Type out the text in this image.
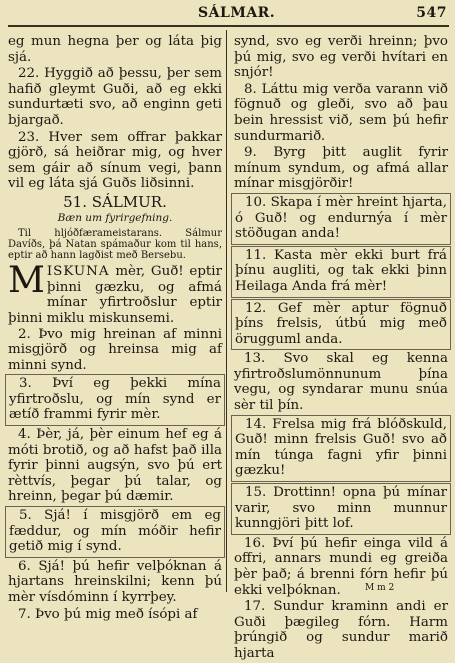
SÁLMAR.	547

eg mun hegna þer og láta þig sjá.

22. Hyggið að þessu, þer sem hafið gleymt Guði, að eg ekki sundurtæti svo, að enginn geti bjargað.

23. Hver sem offrar þakkar gjörð, sá heiðrar mig, og hver sem gáir að sínum vegi, þann vil eg láta sjá Guðs liðsinni.

51. SÁLMUR.
Bæn um fyrirgefning.
Til hljóðfærameistarans. Sálmur Davíðs, þá Natan spámaður kom til hans, eptir að hann lagðist með Bersebu.

MISKUNA mèr, Guð! eptir þinni gæzku, og afmá mínar yfirtroðslur eptir þinni miklu miskunsemi.

2. Þvo mig hreinan af minni misgjörð og hreinsa mig af minni synd.

3. Því eg þekki mína yfirtroðslu, og mín synd er ætíð frammi fyrir mèr.

4. Þèr, já, þèr einum hef eg á móti brotið, og að hafst það illa fyrir þinni augsýn, svo þú ert rèttvís, þegar þú talar, og hreinn, þegar þú dæmir.

5. Sjá! í misgjörð em eg fæddur, og mín móðir hefir getið mig í synd.

6. Sjá! þú hefir velþóknan á hjartans hreinskilni; kenn þú mèr vísdóminn í kyrrþey.

7. Þvo þú mig með ísópi af

synd, svo eg verði hreinn; þvo þú mig, svo eg verði hvítari en snjór!

8. Láttu mig verða varann við fögnuð og gleði, svo að þau bein hressist við, sem þú hefir sundurmarið.

9. Byrg þitt auglit fyrir mínum syndum, og afmá allar mínar misgjörðir!

10. Skapa í mèr hreint hjarta, ó Guð! og endurnýa í mèr stöðugan anda!

11. Kasta mèr ekki burt frá þínu augliti, og tak ekki þinn Heilaga Anda frá mèr!

12. Gef mèr aptur fögnuð þíns frelsis, útbú mig með örugguml anda.

13. Svo skal eg kenna yfirtroðslumönnunum þína vegu, og syndarar munu snúa sèr til þín.

14. Frelsa mig frá blóðskuld, Guð! minn frelsis Guð! svo að mín túnga fagni yfir þinni gæzku!

15. Drottinn! opna þú mínar varir, svo minn munnur kunngjöri þitt lof.

16. Því þú hefir einga vild á offri, annars mundi eg greiða þèr það; á brenni fórn hefir þú ekki velþóknan.

17. Sundur kraminn andi er Guði þægileg fórn. Harm þrúngið og sundur marið hjarta

M m 2
